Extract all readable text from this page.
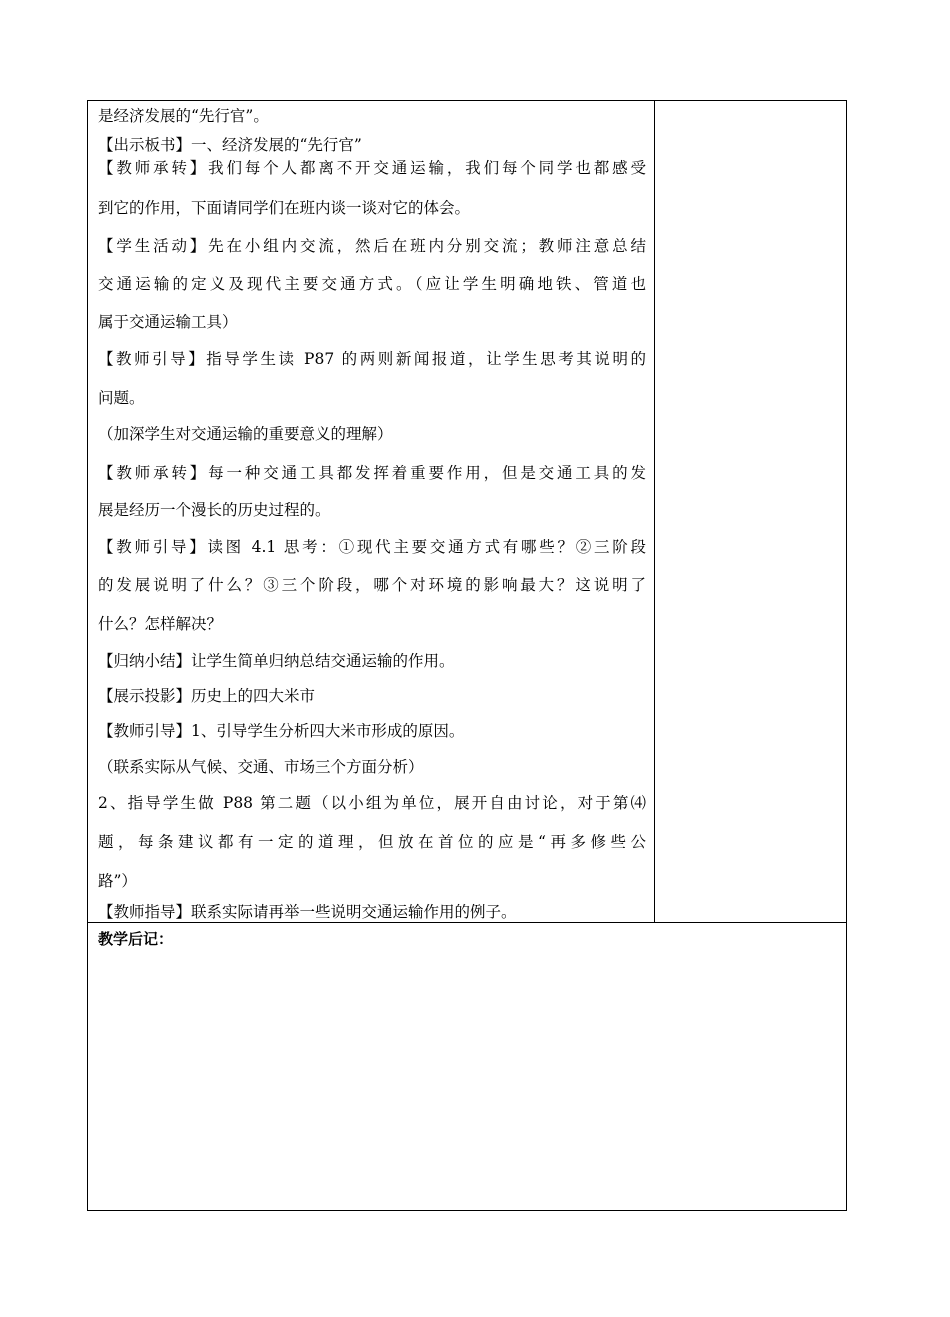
是经济发展的“先行官”。
【出示板书】一、经济发展的“先行官”
【教师承转】我们每个人都离不开交通运输，我们每个同学也都感受
到它的作用，下面请同学们在班内谈一谈对它的体会。
【学生活动】先在小组内交流，然后在班内分别交流；教师注意总结
交通运输的定义及现代主要交通方式。（应让学生明确地铁、管道也
属于交通运输工具）
【教师引导】指导学生读 P87 的两则新闻报道，让学生思考其说明的
问题。
（加深学生对交通运输的重要意义的理解）
【教师承转】每一种交通工具都发挥着重要作用，但是交通工具的发
展是经历一个漫长的历史过程的。
【教师引导】读图 4.1 思考：①现代主要交通方式有哪些？②三阶段
的发展说明了什么？③三个阶段，哪个对环境的影响最大？这说明了
什么？怎样解决？
【归纳小结】让学生简单归纳总结交通运输的作用。
【展示投影】历史上的四大米市
【教师引导】1、引导学生分析四大米市形成的原因。
（联系实际从气候、交通、市场三个方面分析）
2、指导学生做 P88 第二题（以小组为单位，展开自由讨论，对于第⑷
题，每条建议都有一定的道理，但放在首位的应是“再多修些公
路”）
【教师指导】联系实际请再举一些说明交通运输作用的例子。
教学后记：
